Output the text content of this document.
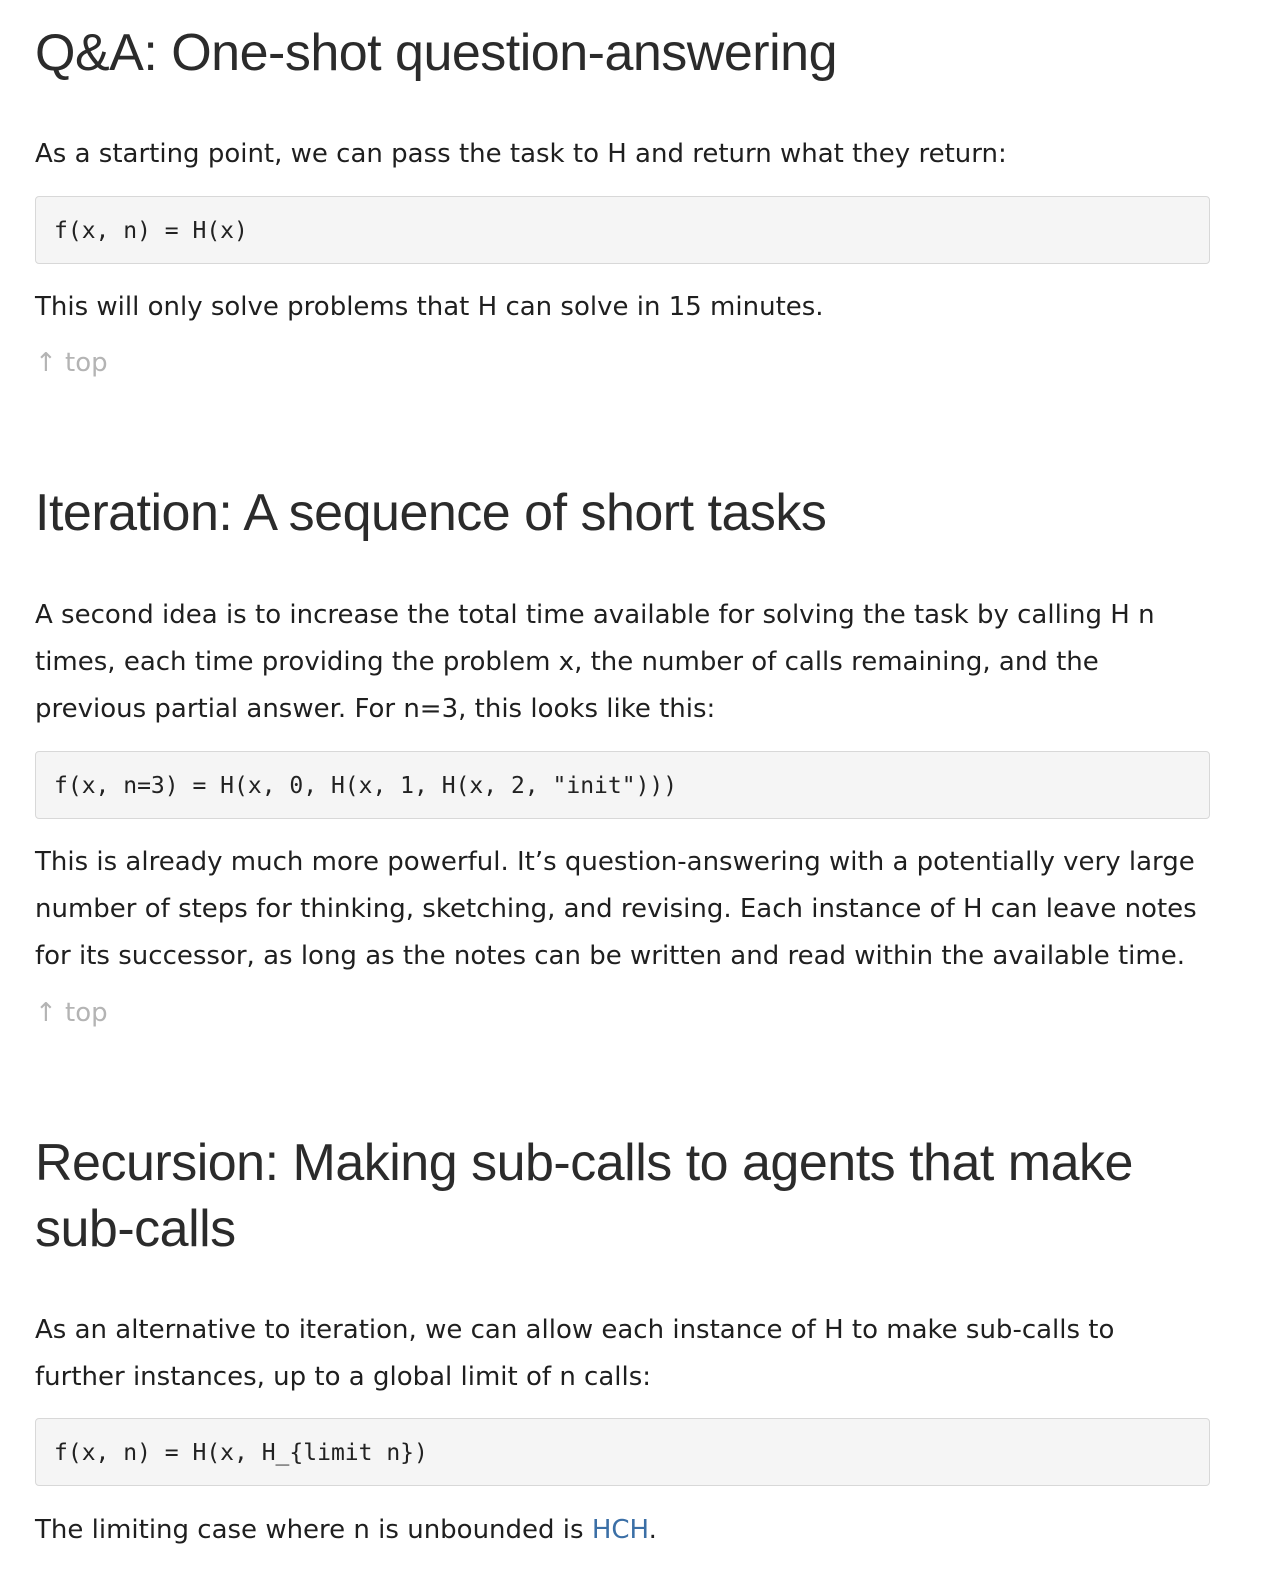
Q&A: One-shot question-answering

As a starting point, we can pass the task to H and return what they return:

f(x, n) = H(x)

This will only solve problems that H can solve in 15 minutes.

↑ top
Iteration: A sequence of short tasks

A second idea is to increase the total time available for solving the task by calling H n times, each time providing the problem x, the number of calls remaining, and the previous partial answer. For n=3, this looks like this:

f(x, n=3) = H(x, 0, H(x, 1, H(x, 2, "init")))

This is already much more powerful. It’s question-answering with a potentially very large number of steps for thinking, sketching, and revising. Each instance of H can leave notes for its successor, as long as the notes can be written and read within the available time.

↑ top
Recursion: Making sub-calls to agents that make sub-calls

As an alternative to iteration, we can allow each instance of H to make sub-calls to further instances, up to a global limit of n calls:

f(x, n) = H(x, H_{limit n})

The limiting case where n is unbounded is HCH.
